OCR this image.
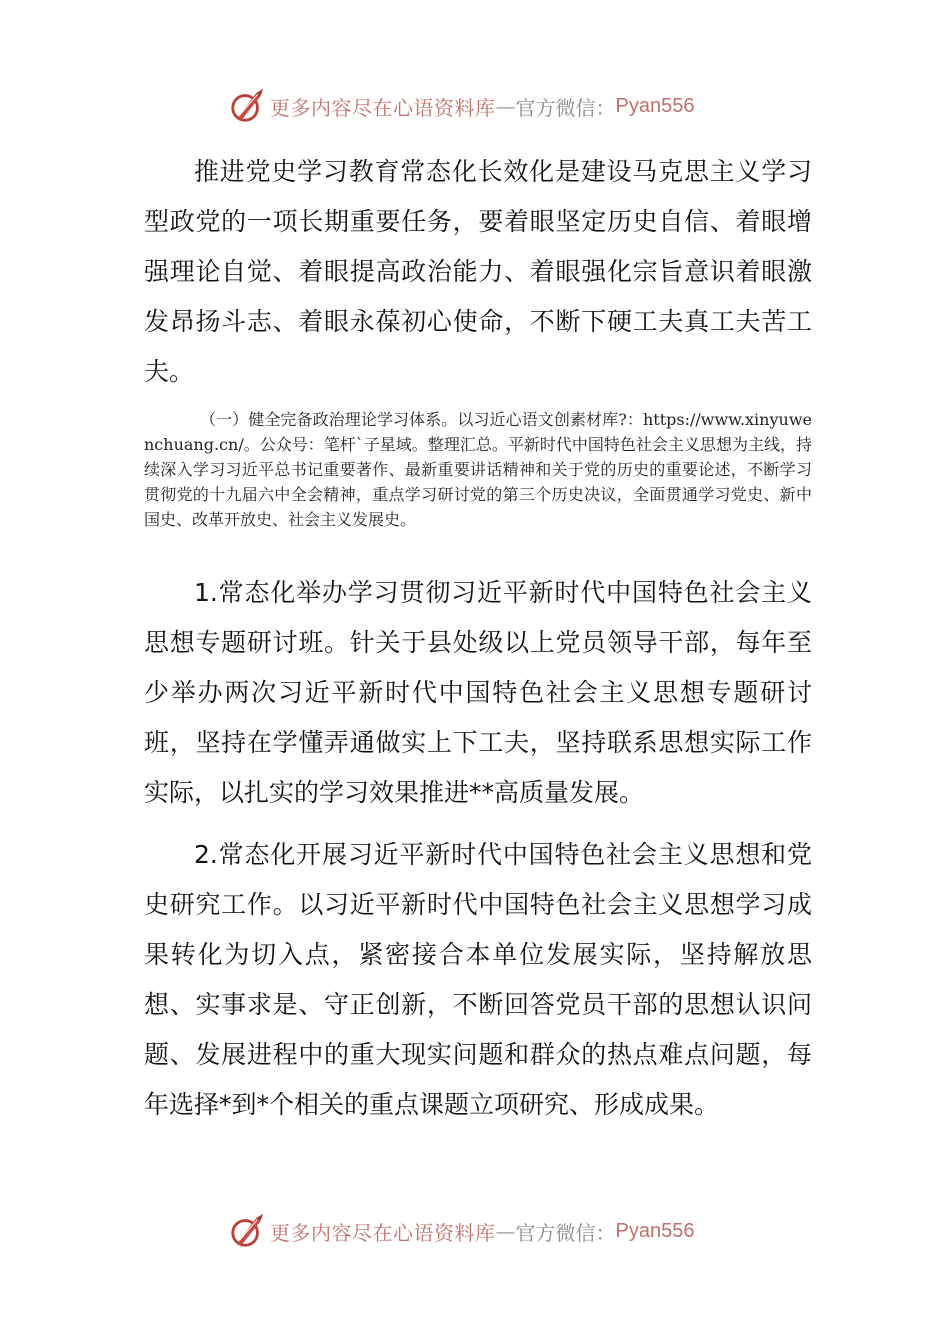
更多内容尽在心语资料库 — 官方微信： Pyan556

推进党史学习教育常态化长效化是建设马克思主义学习型政党的一项长期重要任务，要着眼坚定历史自信、着眼增强理论自觉、着眼提高政治能力、着眼强化宗旨意识着眼激发昂扬斗志、着眼永葆初心使命，不断下硬工夫真工夫苦工夫。

（一）健全完备政治理论学习体系。以习近心语文创素材库?：https://www.xinyuwenchuang.cn/。公众号：笔杆`子星域。整理汇总。平新时代中国特色社会主义思想为主线，持续深入学习习近平总书记重要著作、最新重要讲话精神和关于党的历史的重要论述，不断学习贯彻党的十九届六中全会精神，重点学习研讨党的第三个历史决议，全面贯通学习党史、新中国史、改革开放史、社会主义发展史。

1.常态化举办学习贯彻习近平新时代中国特色社会主义思想专题研讨班。针关于县处级以上党员领导干部，每年至少举办两次习近平新时代中国特色社会主义思想专题研讨班，坚持在学懂弄通做实上下工夫，坚持联系思想实际工作实际，以扎实的学习效果推进**高质量发展。

2.常态化开展习近平新时代中国特色社会主义思想和党史研究工作。以习近平新时代中国特色社会主义思想学习成果转化为切入点，紧密接合本单位发展实际，坚持解放思想、实事求是、守正创新，不断回答党员干部的思想认识问题、发展进程中的重大现实问题和群众的热点难点问题，每年选择*到*个相关的重点课题立项研究、形成成果。

更多内容尽在心语资料库 — 官方微信： Pyan556
